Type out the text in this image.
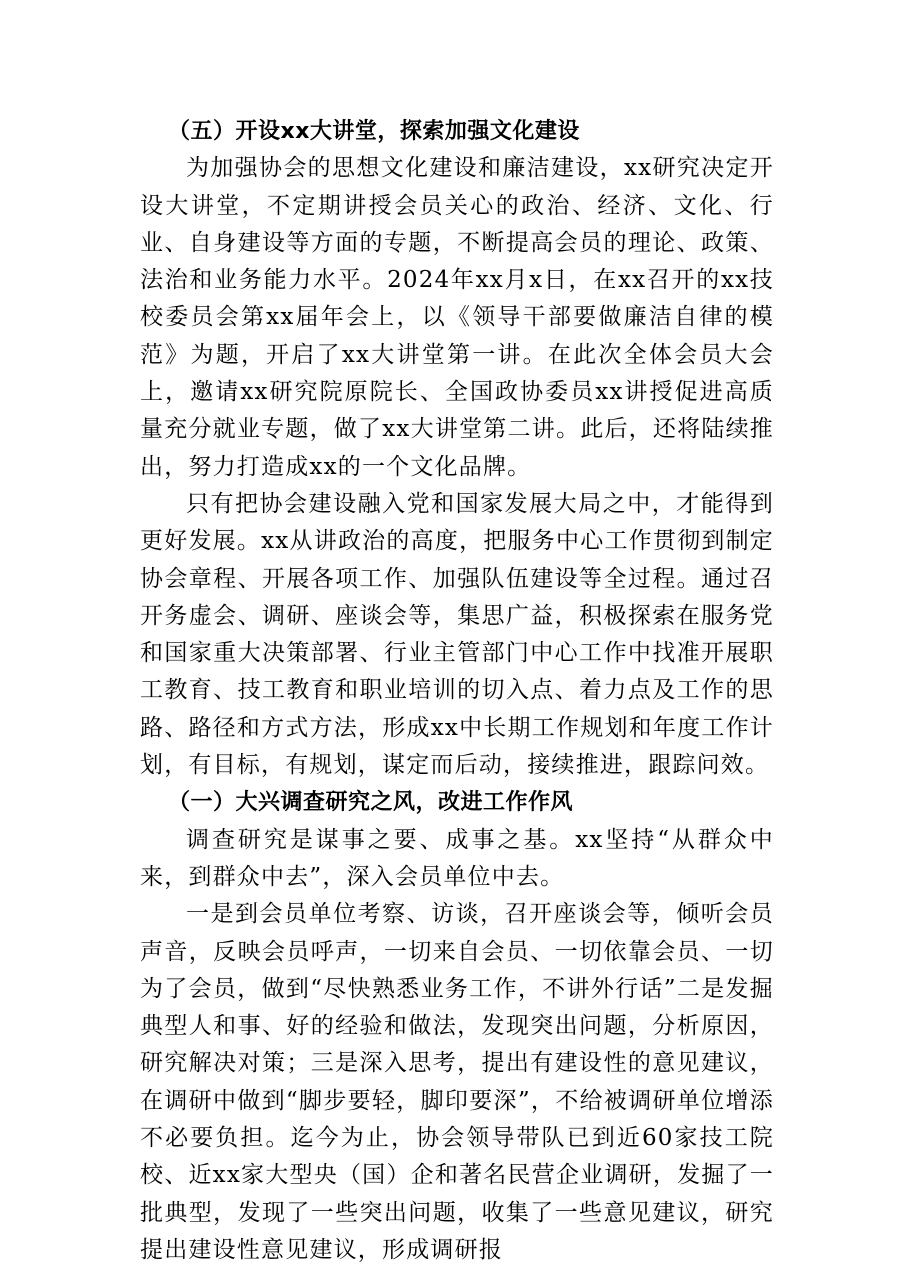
（五）开设xx大讲堂，探索加强文化建设

为加强协会的思想文化建设和廉洁建设，xx研究决定开设大讲堂，不定期讲授会员关心的政治、经济、文化、行业、自身建设等方面的专题，不断提高会员的理论、政策、法治和业务能力水平。2024年xx月x日，在xx召开的xx技校委员会第xx届年会上，以《领导干部要做廉洁自律的模范》为题，开启了xx大讲堂第一讲。在此次全体会员大会上，邀请xx研究院原院长、全国政协委员xx讲授促进高质量充分就业专题，做了xx大讲堂第二讲。此后，还将陆续推出，努力打造成xx的一个文化品牌。

只有把协会建设融入党和国家发展大局之中，才能得到更好发展。xx从讲政治的高度，把服务中心工作贯彻到制定协会章程、开展各项工作、加强队伍建设等全过程。通过召开务虚会、调研、座谈会等，集思广益，积极探索在服务党和国家重大决策部署、行业主管部门中心工作中找准开展职工教育、技工教育和职业培训的切入点、着力点及工作的思路、路径和方式方法，形成xx中长期工作规划和年度工作计划，有目标，有规划，谋定而后动，接续推进，跟踪问效。

（一）大兴调查研究之风，改进工作作风

调查研究是谋事之要、成事之基。xx坚持“从群众中来，到群众中去”，深入会员单位中去。

一是到会员单位考察、访谈，召开座谈会等，倾听会员声音，反映会员呼声，一切来自会员、一切依靠会员、一切为了会员，做到“尽快熟悉业务工作，不讲外行话”二是发掘典型人和事、好的经验和做法，发现突出问题，分析原因，研究解决对策；三是深入思考，提出有建设性的意见建议，在调研中做到“脚步要轻，脚印要深”，不给被调研单位增添不必要负担。迄今为止，协会领导带队已到近60家技工院校、近xx家大型央（国）企和著名民营企业调研，发掘了一批典型，发现了一些突出问题，收集了一些意见建议，研究提出建设性意见建议，形成调研报
